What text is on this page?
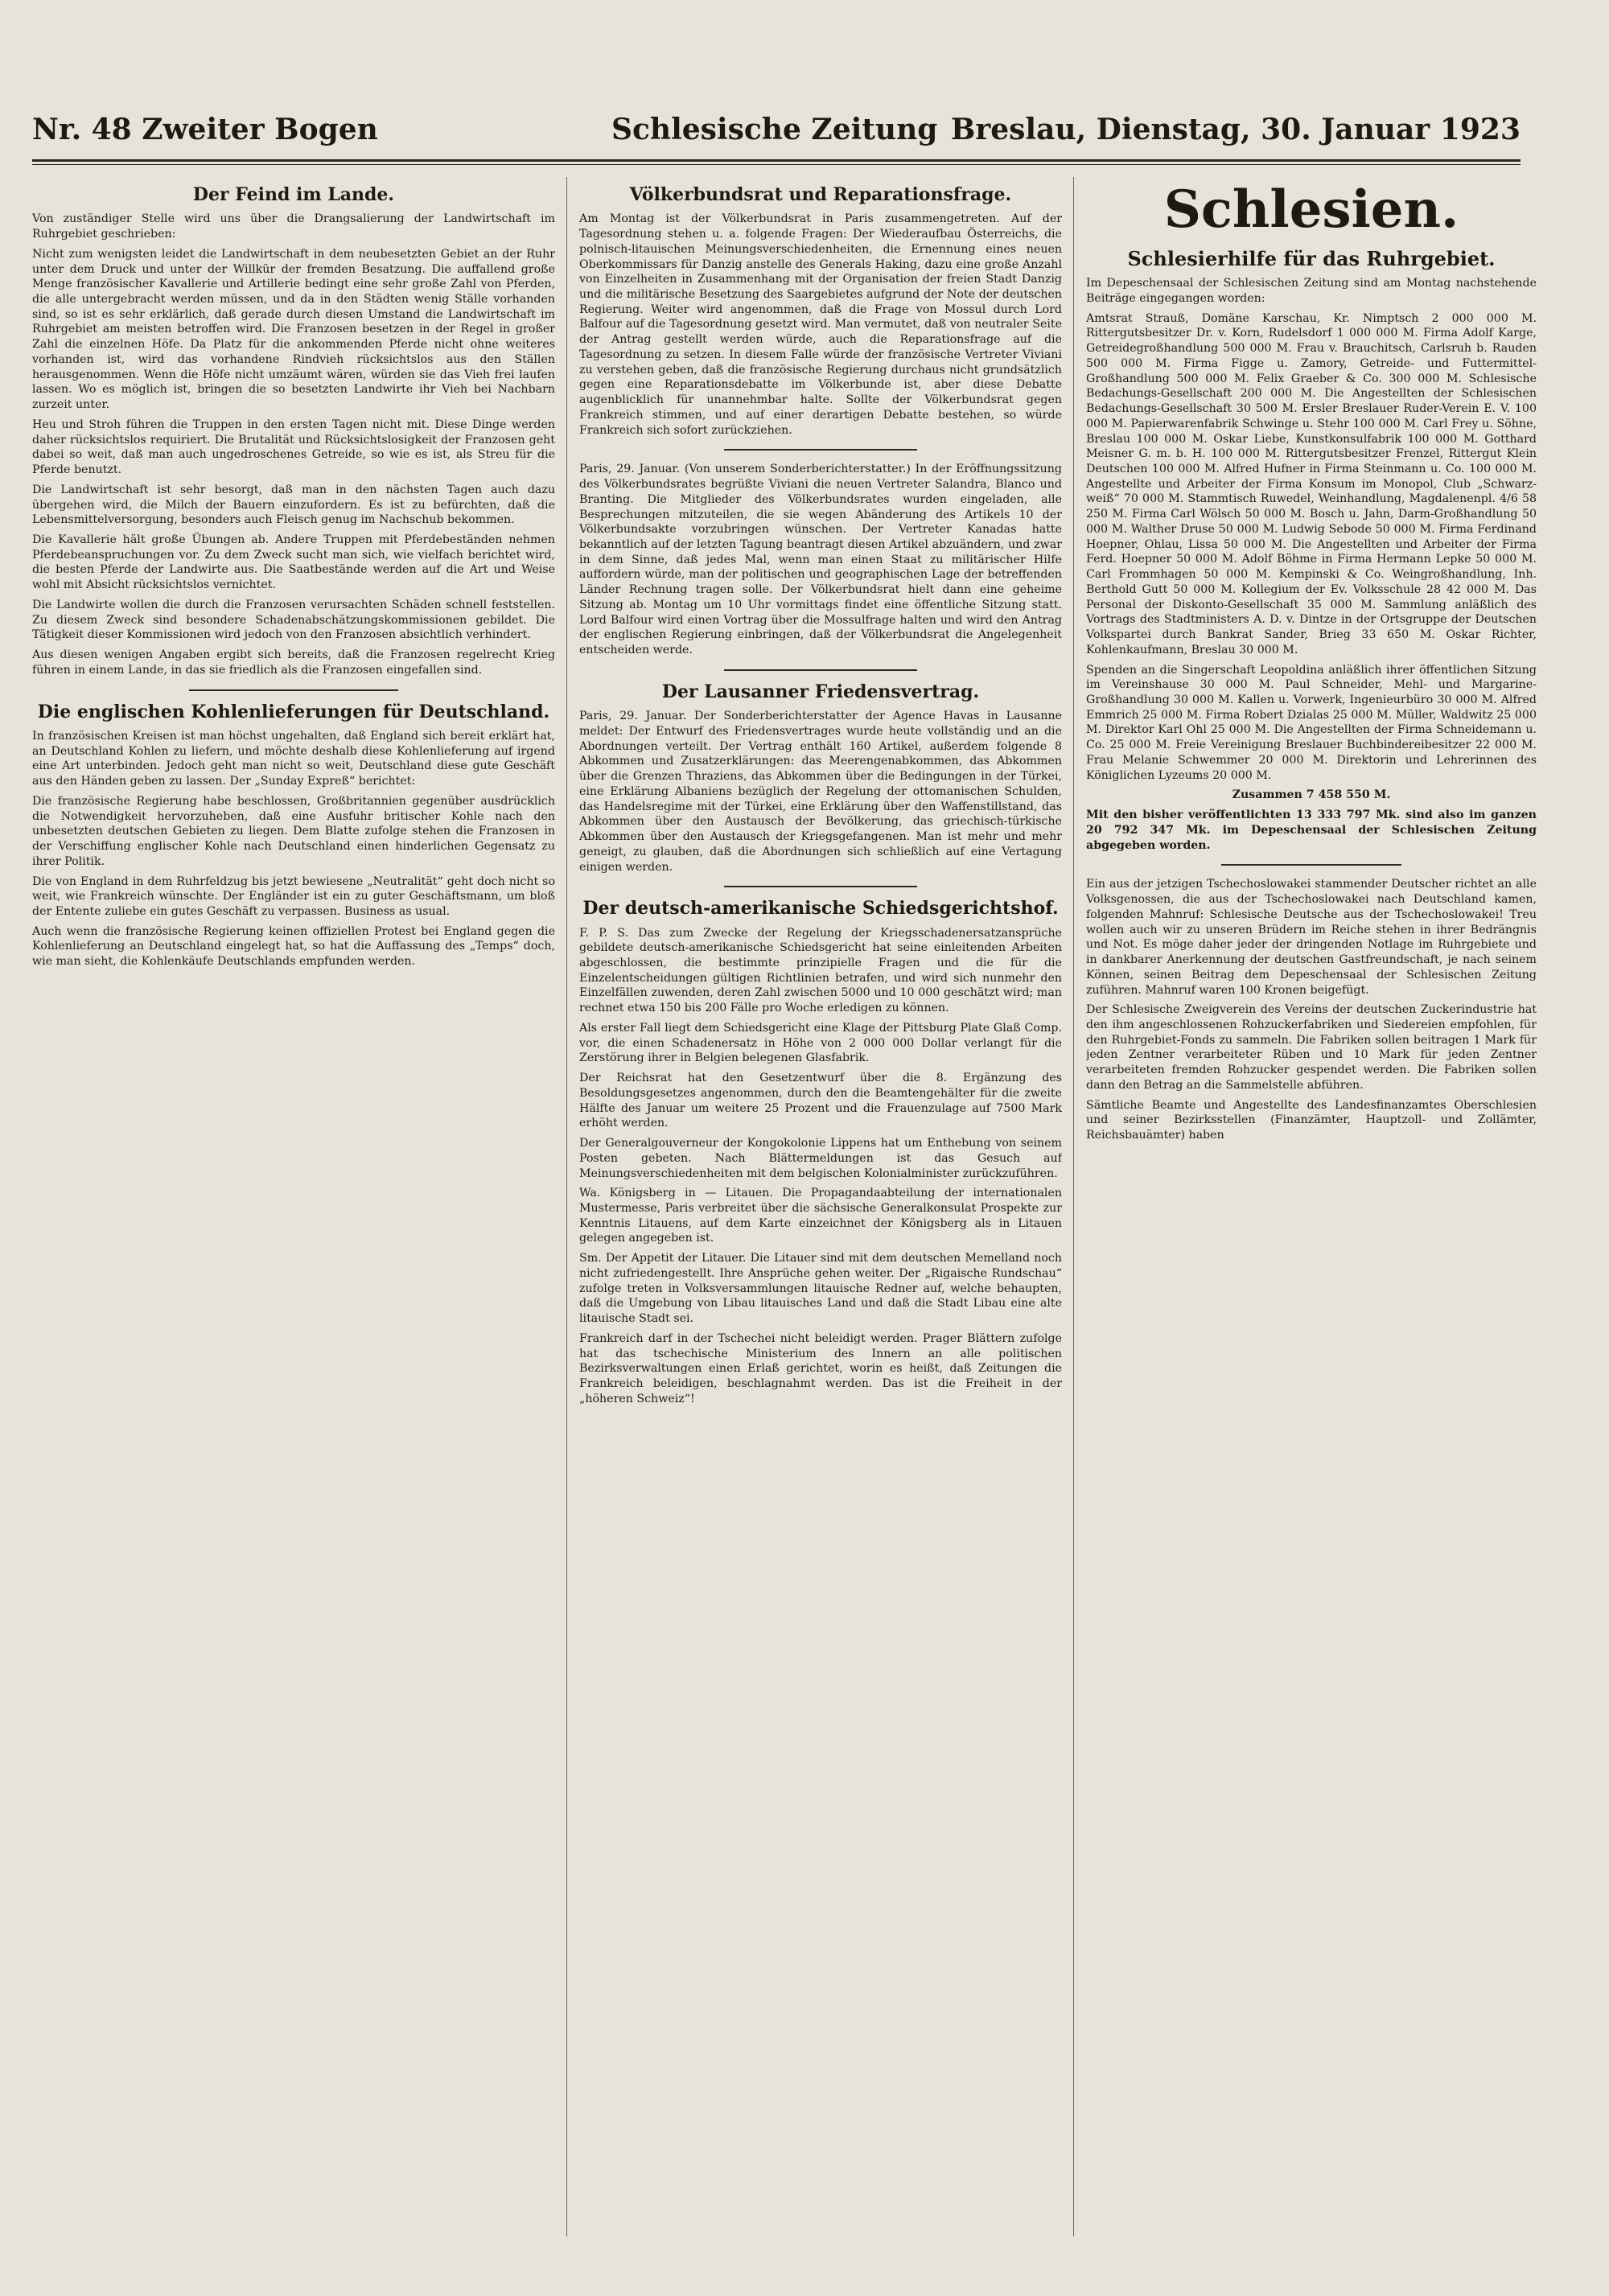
Nr. 48 Zweiter Bogen	Schlesische Zeitung Breslau, Dienstag, 30. Januar 1923
Der Feind im Lande.

Von zuständiger Stelle wird uns über die Drangsalierung der Landwirtschaft im Ruhrgebiet geschrieben:

Nicht zum wenigsten leidet die Landwirtschaft in dem neubesetzten Gebiet an der Ruhr unter dem Druck und unter der Willkür der fremden Besatzung. Die auffallend große Menge französischer Kavallerie und Artillerie bedingt eine sehr große Zahl von Pferden, die alle untergebracht werden müssen, und da in den Städten wenig Ställe vorhanden sind, so ist es sehr erklärlich, daß gerade durch diesen Umstand die Landwirtschaft im Ruhrgebiet am meisten betroffen wird. Die Franzosen besetzen in der Regel in großer Zahl die einzelnen Höfe. Da Platz für die ankommenden Pferde nicht ohne weiteres vorhanden ist, wird das vorhandene Rindvieh rücksichtslos aus den Ställen herausgenommen. Wenn die Höfe nicht umzäumt wären, würden sie das Vieh frei laufen lassen. Wo es möglich ist, bringen die so besetzten Landwirte ihr Vieh bei Nachbarn zurzeit unter.

Heu und Stroh führen die Truppen in den ersten Tagen nicht mit. Diese Dinge werden daher rücksichtslos requiriert. Die Brutalität und Rücksichtslosigkeit der Franzosen geht dabei so weit, daß man auch ungedroschenes Getreide, so wie es ist, als Streu für die Pferde benutzt.

Die Landwirtschaft ist sehr besorgt, daß man in den nächsten Tagen auch dazu übergehen wird, die Milch der Bauern einzufordern. Es ist zu befürchten, daß die Lebensmittelversorgung, besonders auch Fleisch genug im Nachschub bekommen.

Die Kavallerie hält große Übungen ab. Andere Truppen mit Pferdebeständen nehmen Pferdebeanspruchungen vor. Zu dem Zweck sucht man sich, wie vielfach berichtet wird, die besten Pferde der Landwirte aus. Die Saatbestände werden auf die Art und Weise wohl mit Absicht rücksichtslos vernichtet.

Die Landwirte wollen die durch die Franzosen verursachten Schäden schnell feststellen. Zu diesem Zweck sind besondere Schadenabschätzungskommissionen gebildet. Die Tätigkeit dieser Kommissionen wird jedoch von den Franzosen absichtlich verhindert.

Aus diesen wenigen Angaben ergibt sich bereits, daß die Franzosen regelrecht Krieg führen in einem Lande, in das sie friedlich als die Franzosen eingefallen sind.

Die englischen Kohlenlieferungen für Deutschland.

In französischen Kreisen ist man höchst ungehalten, daß England sich bereit erklärt hat, an Deutschland Kohlen zu liefern, und möchte deshalb diese Kohlenlieferung auf irgend eine Art unterbinden. Jedoch geht man nicht so weit, Deutschland diese gute Geschäft aus den Händen geben zu lassen. Der „Sunday Expreß“ berichtet:

Die französische Regierung habe beschlossen, Großbritannien gegenüber ausdrücklich die Notwendigkeit hervorzuheben, daß eine Ausfuhr britischer Kohle nach den unbesetzten deutschen Gebieten zu liegen. Dem Blatte zufolge stehen die Franzosen in der Verschiffung englischer Kohle nach Deutschland einen hinderlichen Gegensatz zu ihrer Politik.

Die von England in dem Ruhrfeldzug bis jetzt bewiesene „Neutralität“ geht doch nicht so weit, wie Frankreich wünschte. Der Engländer ist ein zu guter Geschäftsmann, um bloß der Entente zuliebe ein gutes Geschäft zu verpassen. Business as usual.

Auch wenn die französische Regierung keinen offiziellen Protest bei England gegen die Kohlenlieferung an Deutschland eingelegt hat, so hat die Auffassung des „Temps“ doch, wie man sieht, die Kohlenkäufe Deutschlands empfunden werden.

Völkerbundsrat und Reparationsfrage.

Am Montag ist der Völkerbundsrat in Paris zusammengetreten. Auf der Tagesordnung stehen u. a. folgende Fragen: Der Wiederaufbau Österreichs, die polnisch-litauischen Meinungsverschiedenheiten, die Ernennung eines neuen Oberkommissars für Danzig anstelle des Generals Haking, dazu eine große Anzahl von Einzelheiten in Zusammenhang mit der Organisation der freien Stadt Danzig und die militärische Besetzung des Saargebietes aufgrund der Note der deutschen Regierung. Weiter wird angenommen, daß die Frage von Mossul durch Lord Balfour auf die Tagesordnung gesetzt wird. Man vermutet, daß von neutraler Seite der Antrag gestellt werden würde, auch die Reparationsfrage auf die Tagesordnung zu setzen. In diesem Falle würde der französische Vertreter Viviani zu verstehen geben, daß die französische Regierung durchaus nicht grundsätzlich gegen eine Reparationsdebatte im Völkerbunde ist, aber diese Debatte augenblicklich für unannehmbar halte. Sollte der Völkerbundsrat gegen Frankreich stimmen, und auf einer derartigen Debatte bestehen, so würde Frankreich sich sofort zurückziehen.

Paris, 29. Januar. (Von unserem Sonderberichterstatter.) In der Eröffnungssitzung des Völkerbundsrates begrüßte Viviani die neuen Vertreter Salandra, Blanco und Branting. Die Mitglieder des Völkerbundsrates wurden eingeladen, alle Besprechungen mitzuteilen, die sie wegen Abänderung des Artikels 10 der Völkerbundsakte vorzubringen wünschen. Der Vertreter Kanadas hatte bekanntlich auf der letzten Tagung beantragt diesen Artikel abzuändern, und zwar in dem Sinne, daß jedes Mal, wenn man einen Staat zu militärischer Hilfe auffordern würde, man der politischen und geographischen Lage der betreffenden Länder Rechnung tragen solle. Der Völkerbundsrat hielt dann eine geheime Sitzung ab. Montag um 10 Uhr vormittags findet eine öffentliche Sitzung statt. Lord Balfour wird einen Vortrag über die Mossulfrage halten und wird den Antrag der englischen Regierung einbringen, daß der Völkerbundsrat die Angelegenheit entscheiden werde.

Der Lausanner Friedensvertrag.

Paris, 29. Januar. Der Sonderberichterstatter der Agence Havas in Lausanne meldet: Der Entwurf des Friedensvertrages wurde heute vollständig und an die Abordnungen verteilt. Der Vertrag enthält 160 Artikel, außerdem folgende 8 Abkommen und Zusatzerklärungen: das Meerengenabkommen, das Abkommen über die Grenzen Thraziens, das Abkommen über die Bedingungen in der Türkei, eine Erklärung Albaniens bezüglich der Regelung der ottomanischen Schulden, das Handelsregime mit der Türkei, eine Erklärung über den Waffenstillstand, das Abkommen über den Austausch der Bevölkerung, das griechisch-türkische Abkommen über den Austausch der Kriegsgefangenen. Man ist mehr und mehr geneigt, zu glauben, daß die Abordnungen sich schließlich auf eine Vertagung einigen werden.

Der deutsch-amerikanische Schiedsgerichtshof.

F. P. S. Das zum Zwecke der Regelung der Kriegsschadenersatzansprüche gebildete deutsch-amerikanische Schiedsgericht hat seine einleitenden Arbeiten abgeschlossen, die bestimmte prinzipielle Fragen und die für die Einzelentscheidungen gültigen Richtlinien betrafen, und wird sich nunmehr den Einzelfällen zuwenden, deren Zahl zwischen 5000 und 10 000 geschätzt wird; man rechnet etwa 150 bis 200 Fälle pro Woche erledigen zu können.

Als erster Fall liegt dem Schiedsgericht eine Klage der Pittsburg Plate Glaß Comp. vor, die einen Schadenersatz in Höhe von 2 000 000 Dollar verlangt für die Zerstörung ihrer in Belgien belegenen Glasfabrik.

Der Reichsrat hat den Gesetzentwurf über die 8. Ergänzung des Besoldungsgesetzes angenommen, durch den die Beamtengehälter für die zweite Hälfte des Januar um weitere 25 Prozent und die Frauenzulage auf 7500 Mark erhöht werden.

Der Generalgouverneur der Kongokolonie Lippens hat um Enthebung von seinem Posten gebeten. Nach Blättermeldungen ist das Gesuch auf Meinungsverschiedenheiten mit dem belgischen Kolonialminister zurückzuführen.

Wa. Königsberg in — Litauen. Die Propagandaabteilung der internationalen Mustermesse, Paris verbreitet über die sächsische Generalkonsulat Prospekte zur Kenntnis Litauens, auf dem Karte einzeichnet der Königsberg als in Litauen gelegen angegeben ist.

Sm. Der Appetit der Litauer. Die Litauer sind mit dem deutschen Memelland noch nicht zufriedengestellt. Ihre Ansprüche gehen weiter. Der „Rigaische Rundschau“ zufolge treten in Volksversammlungen litauische Redner auf, welche behaupten, daß die Umgebung von Libau litauisches Land und daß die Stadt Libau eine alte litauische Stadt sei.

Frankreich darf in der Tschechei nicht beleidigt werden. Prager Blättern zufolge hat das tschechische Ministerium des Innern an alle politischen Bezirksverwaltungen einen Erlaß gerichtet, worin es heißt, daß Zeitungen die Frankreich beleidigen, beschlagnahmt werden. Das ist die Freiheit in der „höheren Schweiz“!

Schlesien.
Schlesierhilfe für das Ruhrgebiet.

Im Depeschensaal der Schlesischen Zeitung sind am Montag nachstehende Beiträge eingegangen worden:

Amtsrat Strauß, Domäne Karschau, Kr. Nimptsch 2 000 000 M. Rittergutsbesitzer Dr. v. Korn, Rudelsdorf 1 000 000 M. Firma Adolf Karge, Getreidegroßhandlung 500 000 M. Frau v. Brauchitsch, Carlsruh b. Rauden 500 000 M. Firma Figge u. Zamory, Getreide- und Futtermittel-Großhandlung 500 000 M. Felix Graeber & Co. 300 000 M. Schlesische Bedachungs-Gesellschaft 200 000 M. Die Angestellten der Schlesischen Bedachungs-Gesellschaft 30 500 M. Ersler Breslauer Ruder-Verein E. V. 100 000 M. Papierwarenfabrik Schwinge u. Stehr 100 000 M. Carl Frey u. Söhne, Breslau 100 000 M. Oskar Liebe, Kunstkonsulfabrik 100 000 M. Gotthard Meisner G. m. b. H. 100 000 M. Rittergutsbesitzer Frenzel, Rittergut Klein Deutschen 100 000 M. Alfred Hufner in Firma Steinmann u. Co. 100 000 M. Angestellte und Arbeiter der Firma Konsum im Monopol, Club „Schwarz-weiß“ 70 000 M. Stammtisch Ruwedel, Weinhandlung, Magdalenenpl. 4/6 58 250 M. Firma Carl Wölsch 50 000 M. Bosch u. Jahn, Darm-Großhandlung 50 000 M. Walther Druse 50 000 M. Ludwig Sebode 50 000 M. Firma Ferdinand Hoepner, Ohlau, Lissa 50 000 M. Die Angestellten und Arbeiter der Firma Ferd. Hoepner 50 000 M. Adolf Böhme in Firma Hermann Lepke 50 000 M. Carl Frommhagen 50 000 M. Kempinski & Co. Weingroßhandlung, Inh. Berthold Gutt 50 000 M. Kollegium der Ev. Volksschule 28 42 000 M. Das Personal der Diskonto-Gesellschaft 35 000 M. Sammlung anläßlich des Vortrags des Stadtministers A. D. v. Dintze in der Ortsgruppe der Deutschen Volkspartei durch Bankrat Sander, Brieg 33 650 M. Oskar Richter, Kohlenkaufmann, Breslau 30 000 M.

Spenden an die Singerschaft Leopoldina anläßlich ihrer öffentlichen Sitzung im Vereinshause 30 000 M. Paul Schneider, Mehl- und Margarine-Großhandlung 30 000 M. Kallen u. Vorwerk, Ingenieurbüro 30 000 M. Alfred Emmrich 25 000 M. Firma Robert Dzialas 25 000 M. Müller, Waldwitz 25 000 M. Direktor Karl Ohl 25 000 M. Die Angestellten der Firma Schneidemann u. Co. 25 000 M. Freie Vereinigung Breslauer Buchbindereibesitzer 22 000 M. Frau Melanie Schwemmer 20 000 M. Direktorin und Lehrerinnen des Königlichen Lyzeums 20 000 M.

Zusammen 7 458 550 M.

Mit den bisher veröffentlichten 13 333 797 Mk. sind also im ganzen 20 792 347 Mk. im Depeschensaal der Schlesischen Zeitung abgegeben worden.

Ein aus der jetzigen Tschechoslowakei stammender Deutscher richtet an alle Volksgenossen, die aus der Tschechoslowakei nach Deutschland kamen, folgenden Mahnruf: Schlesische Deutsche aus der Tschechoslowakei! Treu wollen auch wir zu unseren Brüdern im Reiche stehen in ihrer Bedrängnis und Not. Es möge daher jeder der dringenden Notlage im Ruhrgebiete und in dankbarer Anerkennung der deutschen Gastfreundschaft, je nach seinem Können, seinen Beitrag dem Depeschensaal der Schlesischen Zeitung zuführen. Mahnruf waren 100 Kronen beigefügt.

Der Schlesische Zweigverein des Vereins der deutschen Zuckerindustrie hat den ihm angeschlossenen Rohzuckerfabriken und Siedereien empfohlen, für den Ruhrgebiet-Fonds zu sammeln. Die Fabriken sollen beitragen 1 Mark für jeden Zentner verarbeiteter Rüben und 10 Mark für jeden Zentner verarbeiteten fremden Rohzucker gespendet werden. Die Fabriken sollen dann den Betrag an die Sammelstelle abführen.

Sämtliche Beamte und Angestellte des Landesfinanzamtes Oberschlesien und seiner Bezirksstellen (Finanzämter, Hauptzoll- und Zollämter, Reichsbauämter) haben
